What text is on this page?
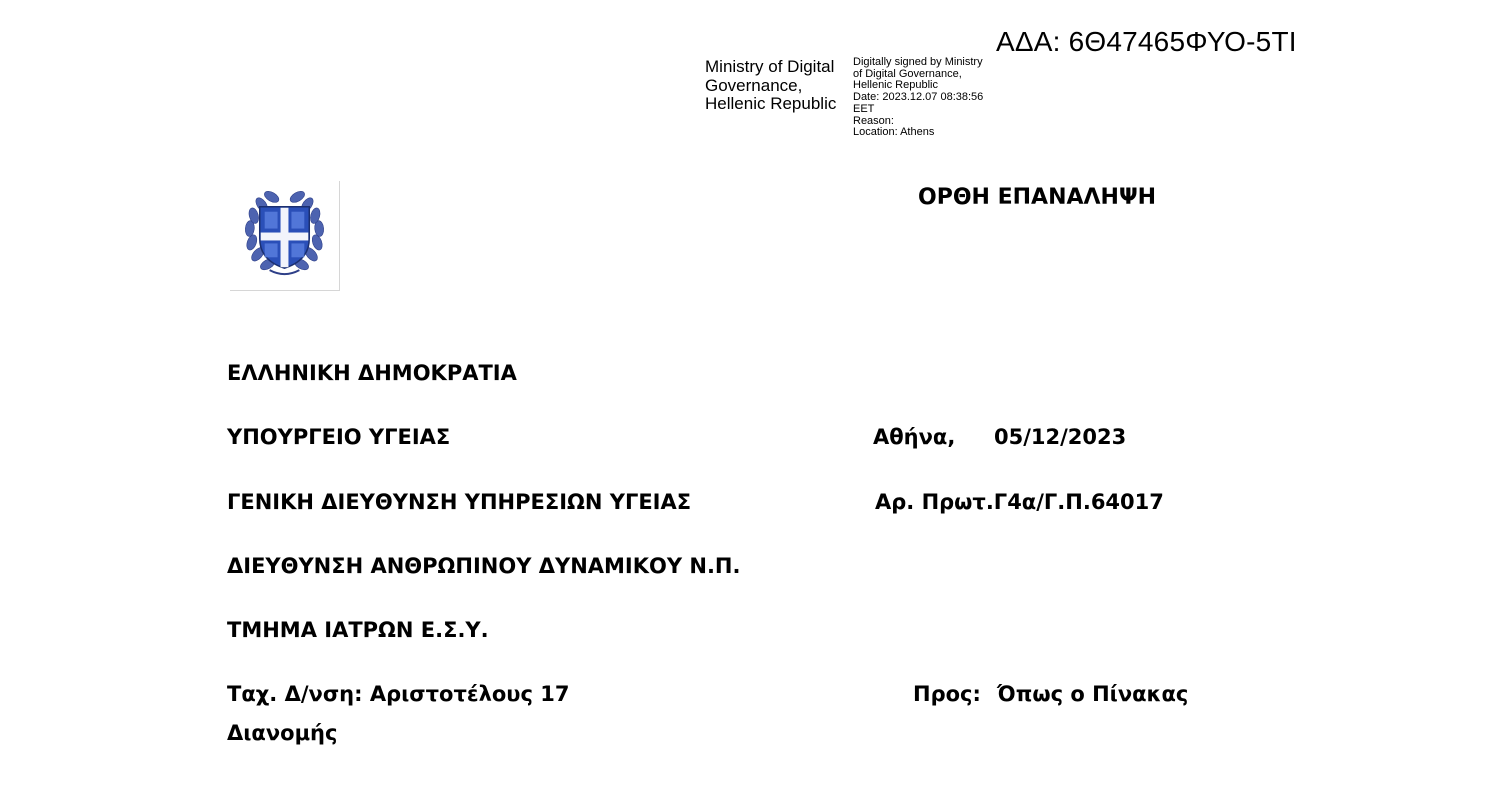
ΑΔΑ: 6Θ47465ΦΥΟ-5ΤΙ
Ministry of Digital
Governance,
Hellenic Republic
Digitally signed by Ministry
of Digital Governance,
Hellenic Republic
Date: 2023.12.07 08:38:56
EET
Reason:
Location: Athens
ΟΡΘΗ ΕΠΑΝΑΛΗΨΗ
ΕΛΛΗΝΙΚΗ ΔΗΜΟΚΡΑΤΙΑ
ΥΠΟΥΡΓΕΙΟ ΥΓΕΙΑΣ
ΓΕΝΙΚΗ ΔΙΕΥΘΥΝΣΗ ΥΠΗΡΕΣΙΩΝ ΥΓΕΙΑΣ
ΔΙΕΥΘΥΝΣΗ ΑΝΘΡΩΠΙΝΟΥ ΔΥΝΑΜΙΚΟΥ Ν.Π.
ΤΜΗΜΑ ΙΑΤΡΩΝ Ε.Σ.Υ.
Ταχ. Δ/νση: Αριστοτέλους 17
Διανομής
Αθήνα, 05/12/2023
Αρ. Πρωτ.Γ4α/Γ.Π.64017
Προς: Όπως ο Πίνακας
